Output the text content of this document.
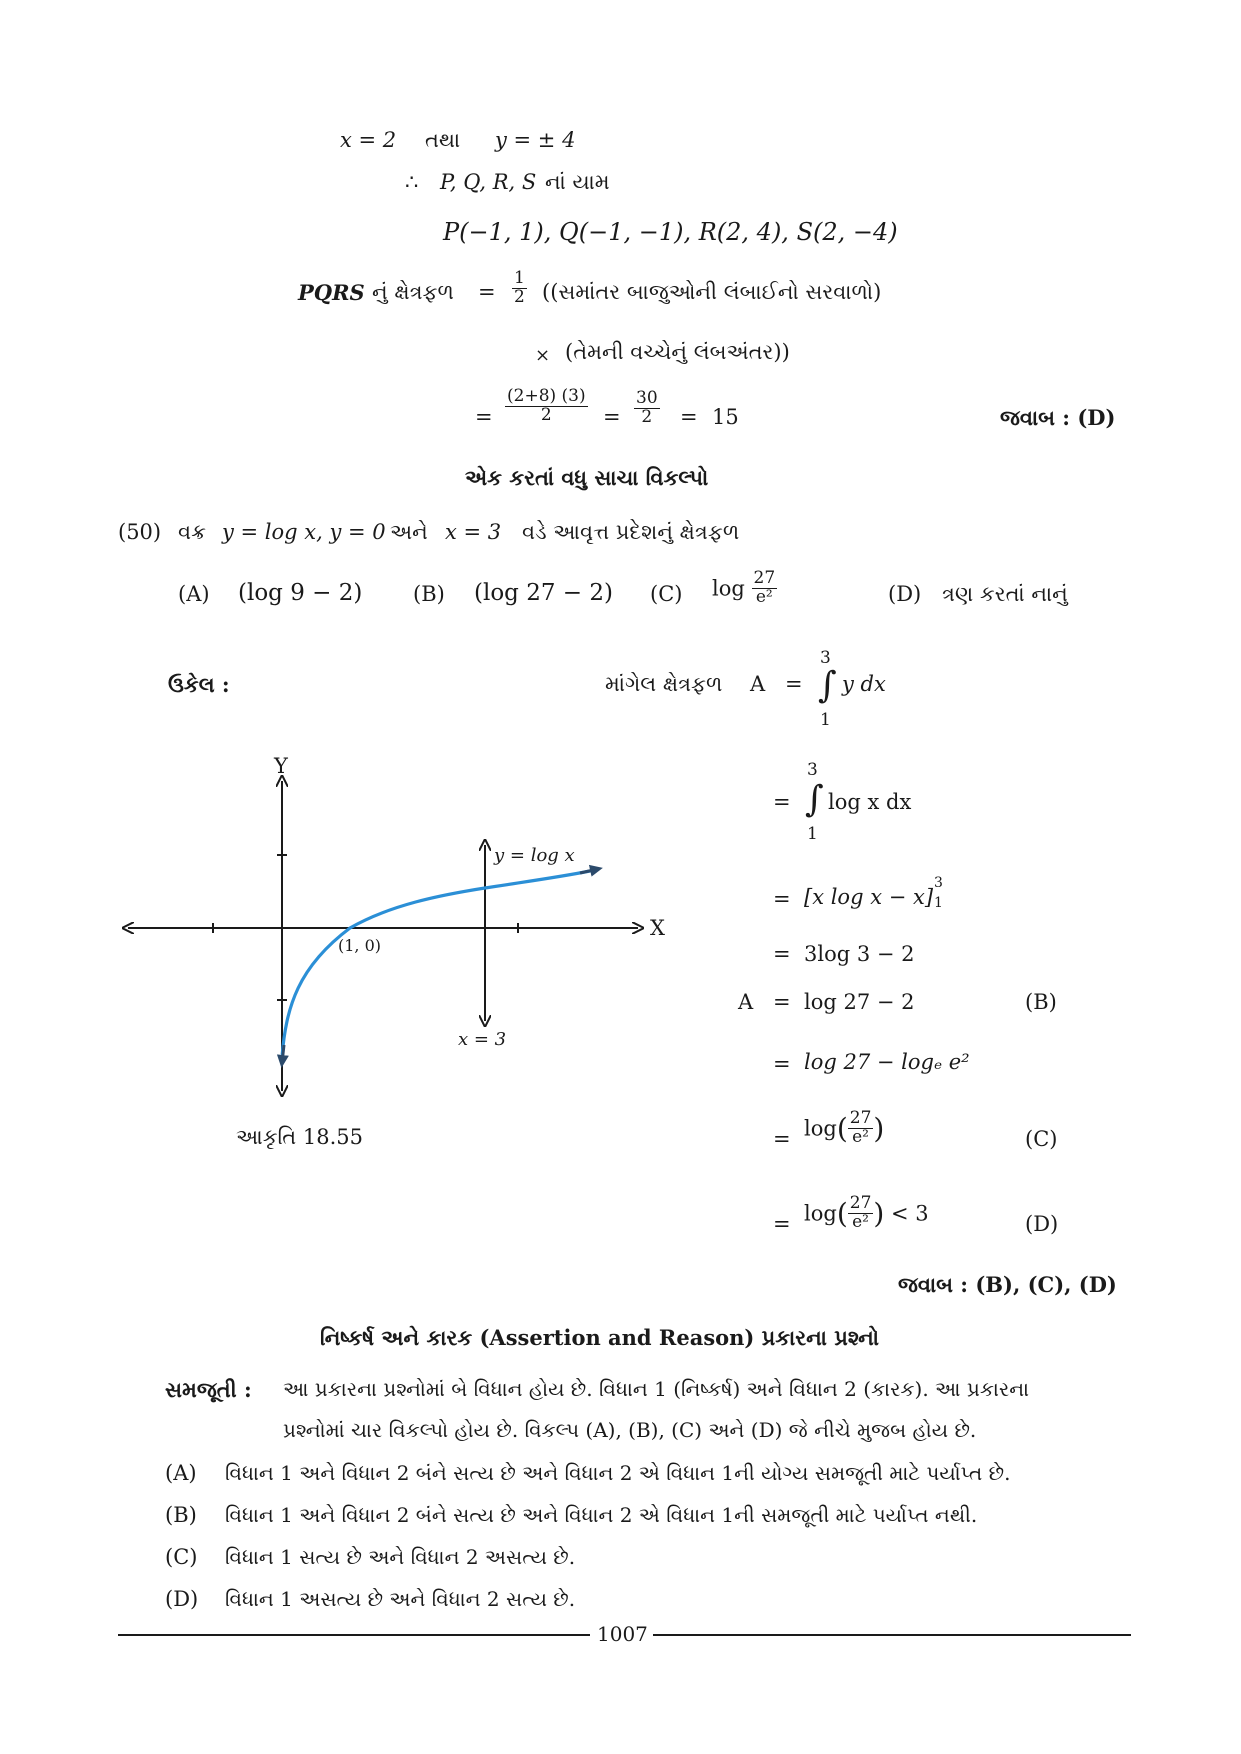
x = 2 તથા y = ± 4
∴ P, Q, R, S નાં યામ
P(−1, 1), Q(−1, −1), R(2, 4), S(2, −4)
PQRS નું ક્ષેત્રફળ = $\frac{1}{2}$ ((સમાંતર બાજુઓની લંબાઈનો સરવાળો)
× (તેમની વચ્ચેનું લંબઅંતર))
= $\frac{(2+8) (3)}{2} = \frac{30}{2} = 15$	જવાબ : (D)
એક કરતાં વધુ સાચા વિકલ્પો
(50) વક્ર y = log x, y = 0 અને x = 3 વડે આવૃત્ત પ્રદેશનું ક્ષેત્રફળ
(A) (log 9 − 2) (B) (log 27 − 2) (C) $\log \frac{27}{\text{e²}}$	(D) ત્રણ કરતાં નાનું
ઉકેલ :	માંગેલ ક્ષેત્રફળ A =
3
∫
1
y dx
=
3
∫
1
log x dx
= [x log x − x]
3
1
= 3log 3 − 2
A = log 27 − 2	(B)
= log 27 − logₑ e²
= $\log( \frac{27}{\text{e²}}$ )	(C)
= $\log( \frac{27}{\text{e²}}$ ) < 3	(D)
જવાબ : (B), (C), (D)
Y
X
y = log x
(1, 0)
x = 3
આકૃતિ 18.55
નિષ્કર્ષ અને કારક (Assertion and Reason) પ્રકારના પ્રશ્નો
સમજૂતી : આ પ્રકારના પ્રશ્નોમાં બે વિધાન હોય છે. વિધાન 1 (નિષ્કર્ષ) અને વિધાન 2 (કારક). આ પ્રકારના
પ્રશ્નોમાં ચાર વિકલ્પો હોય છે. વિકલ્પ (A), (B), (C) અને (D) જે નીચે મુજબ હોય છે.
(A) વિધાન 1 અને વિધાન 2 બંને સત્ય છે અને વિધાન 2 એ વિધાન 1ની યોગ્ય સમજૂતી માટે પર્યાપ્ત છે.
(B) વિધાન 1 અને વિધાન 2 બંને સત્ય છે અને વિધાન 2 એ વિધાન 1ની સમજૂતી માટે પર્યાપ્ત નથી.
(C) વિધાન 1 સત્ય છે અને વિધાન 2 અસત્ય છે.
(D) વિધાન 1 અસત્ય છે અને વિધાન 2 સત્ય છે.
1007
